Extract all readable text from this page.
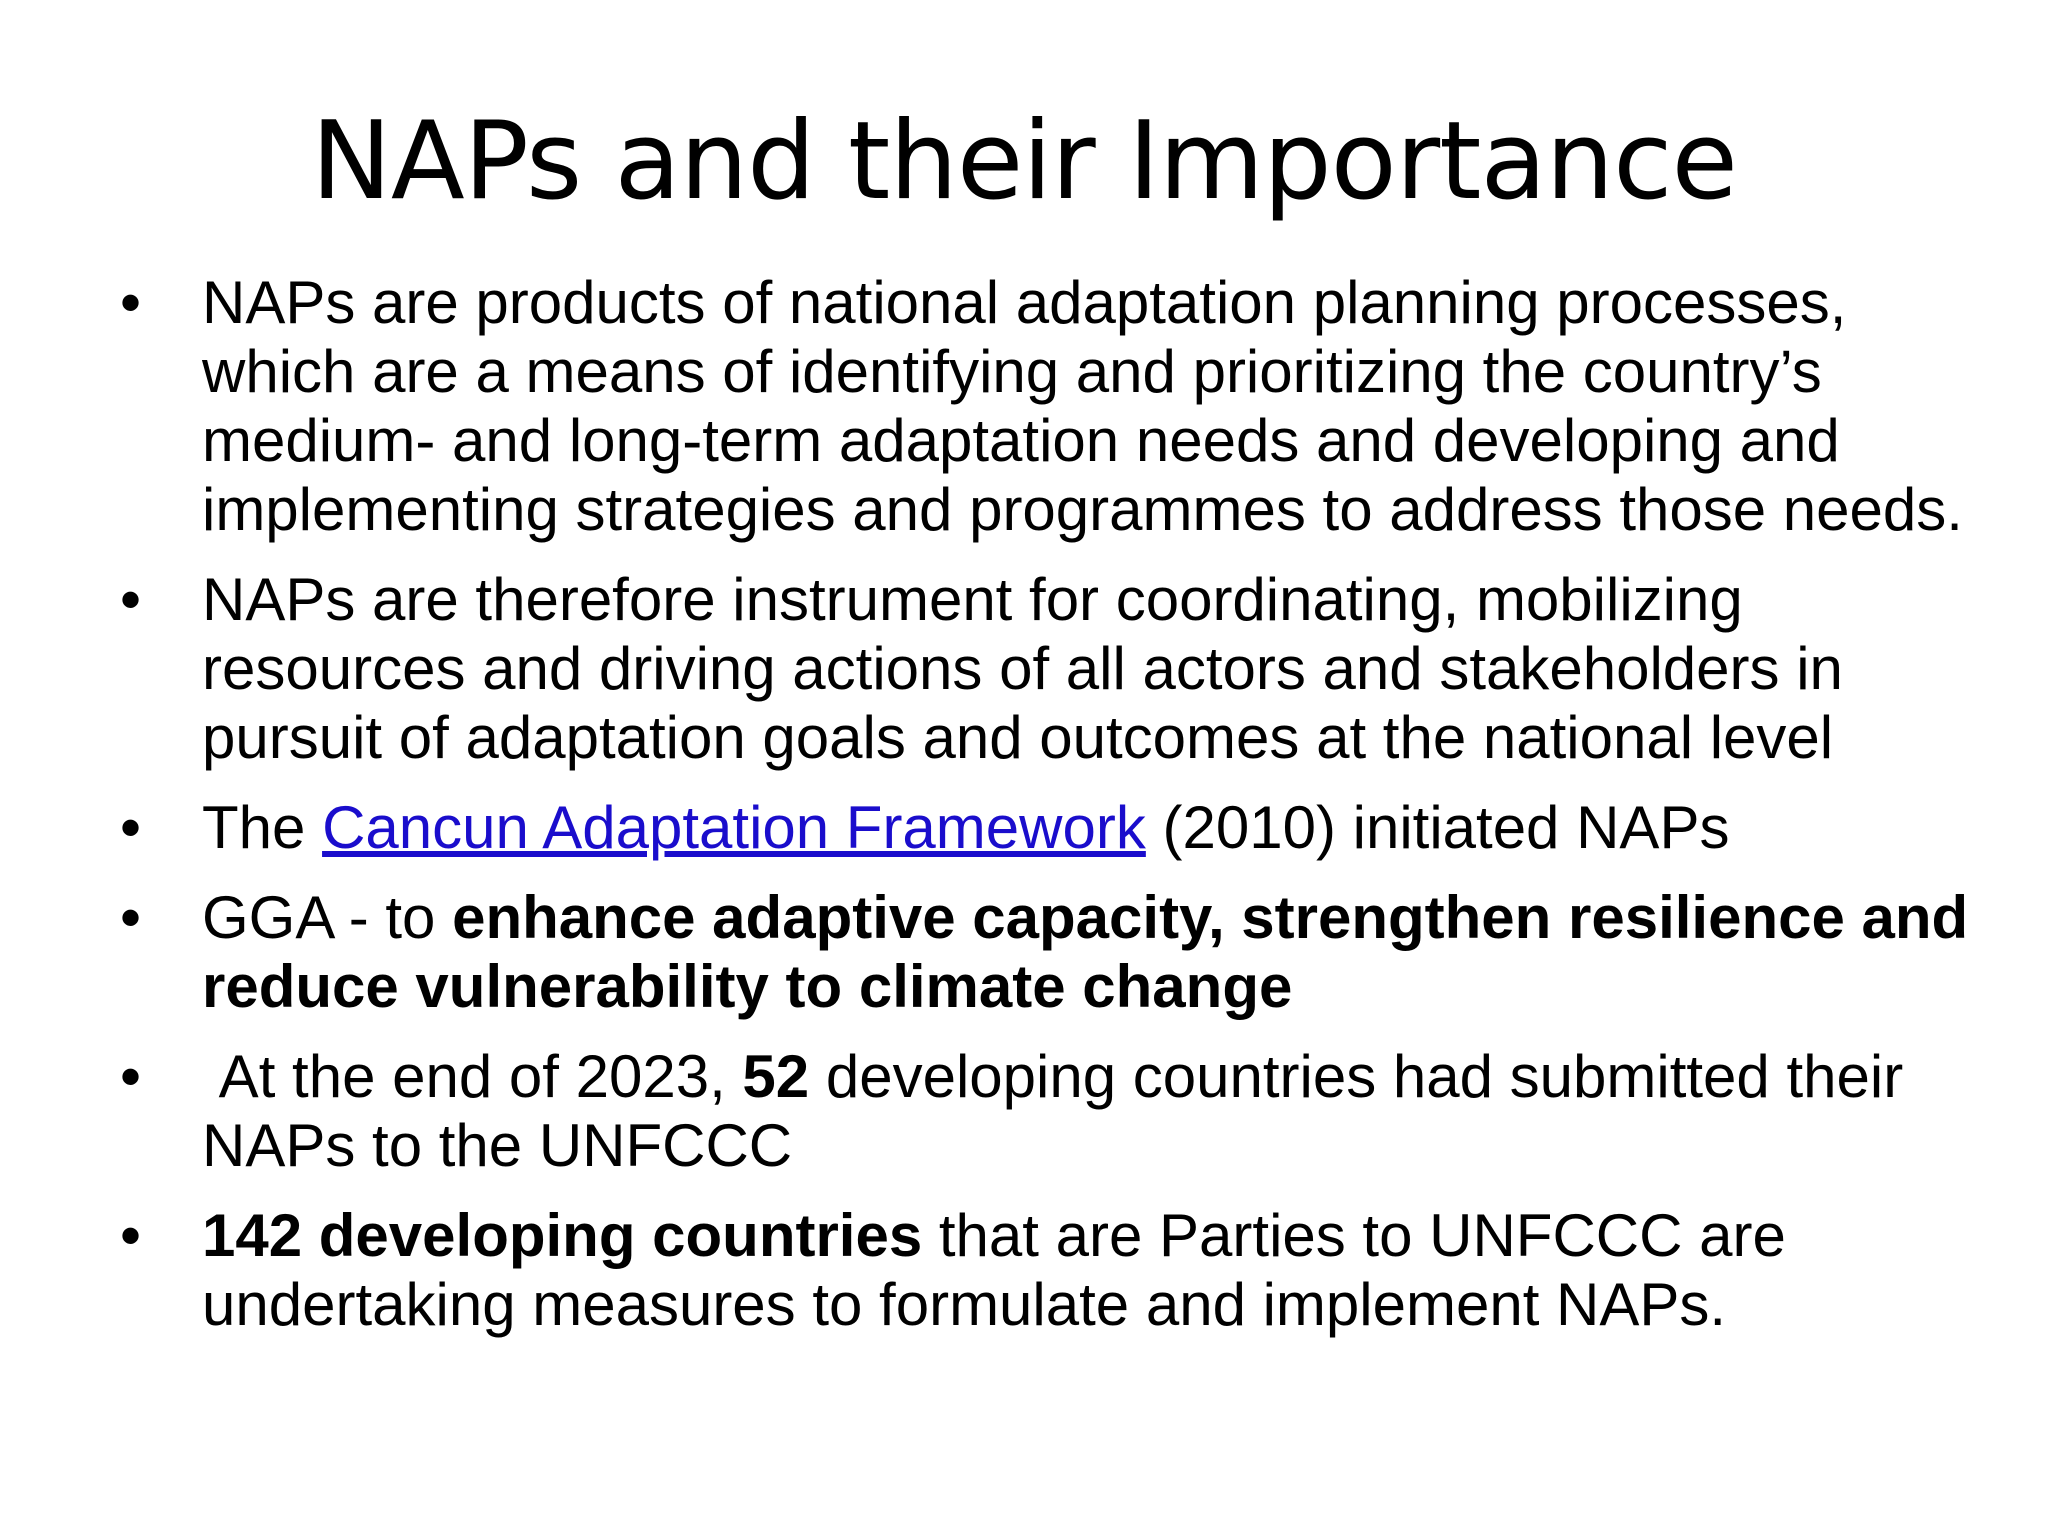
NAPs and their Importance
•	NAPs are products of national adaptation planning processes, which are a means of identifying and prioritizing the country’s medium- and long-term adaptation needs and developing and implementing strategies and programmes to address those needs.
•	NAPs are therefore instrument for coordinating, mobilizing resources and driving actions of all actors and stakeholders in pursuit of adaptation goals and outcomes at the national level
•	The Cancun Adaptation Framework (2010) initiated NAPs
•	GGA - to enhance adaptive capacity, strengthen resilience and reduce vulnerability to climate change
•	At the end of 2023, 52 developing countries had submitted their NAPs to the UNFCCC
•	142 developing countries that are Parties to UNFCCC are undertaking measures to formulate and implement NAPs.
